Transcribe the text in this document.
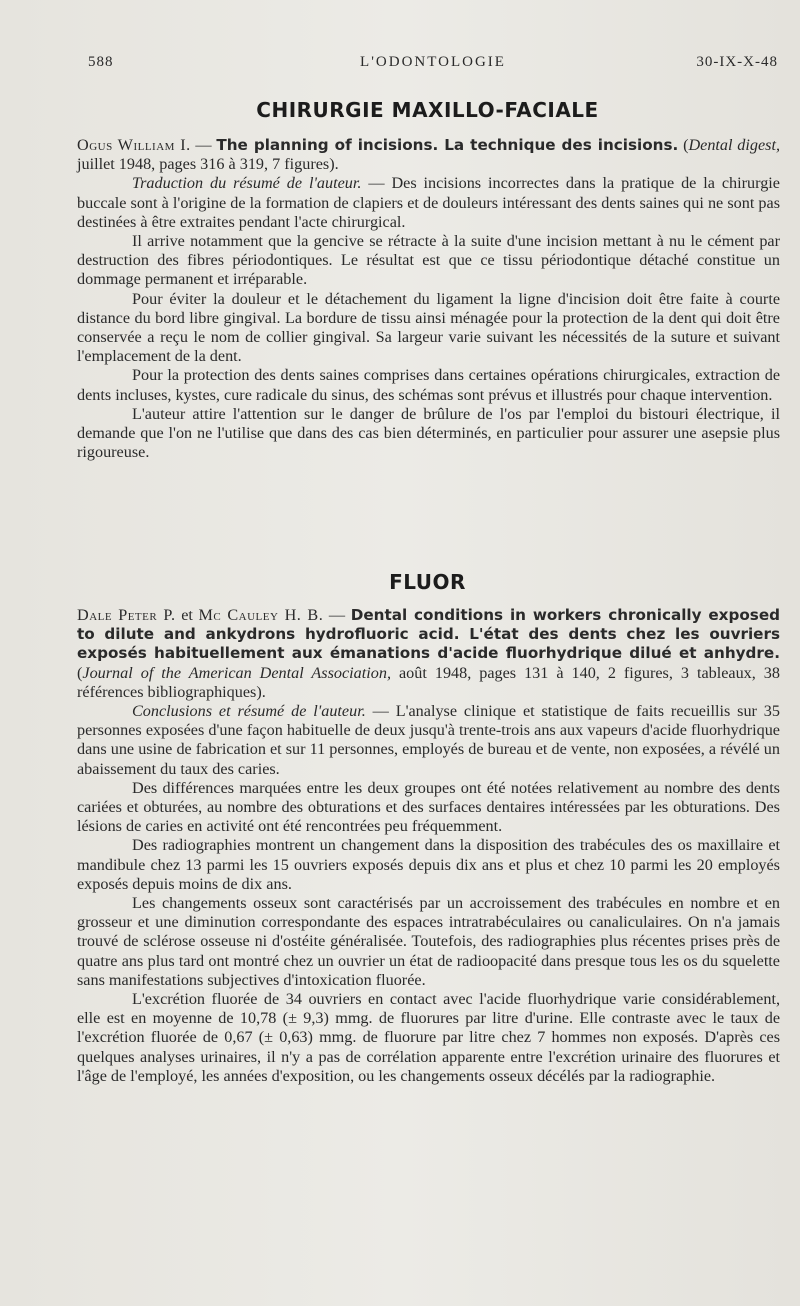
588	L'ODONTOLOGIE	30-IX-X-48
CHIRURGIE MAXILLO-FACIALE

Ogus William I. — The planning of incisions. La technique des incisions. (Dental digest, juillet 1948, pages 316 à 319, 7 figures).

Traduction du résumé de l'auteur. — Des incisions incorrectes dans la pratique de la chirurgie buccale sont à l'origine de la formation de clapiers et de douleurs intéressant des dents saines qui ne sont pas destinées à être extraites pendant l'acte chirurgical.

Il arrive notamment que la gencive se rétracte à la suite d'une incision mettant à nu le cément par destruction des fibres périodontiques. Le résultat est que ce tissu périodontique détaché constitue un dommage permanent et irréparable.

Pour éviter la douleur et le détachement du ligament la ligne d'incision doit être faite à courte distance du bord libre gingival. La bordure de tissu ainsi ménagée pour la protection de la dent qui doit être conservée a reçu le nom de collier gingival. Sa largeur varie suivant les nécessités de la suture et suivant l'emplacement de la dent.

Pour la protection des dents saines comprises dans certaines opérations chirurgicales, extraction de dents incluses, kystes, cure radicale du sinus, des schémas sont prévus et illustrés pour chaque intervention.

L'auteur attire l'attention sur le danger de brûlure de l'os par l'emploi du bistouri électrique, il demande que l'on ne l'utilise que dans des cas bien déterminés, en particulier pour assurer une asepsie plus rigoureuse.

FLUOR

Dale Peter P. et Mc Cauley H. B. — Dental conditions in workers chronically exposed to dilute and ankydrons hydrofluoric acid. L'état des dents chez les ouvriers exposés habituellement aux émanations d'acide fluorhydrique dilué et anhydre. (Journal of the American Dental Association, août 1948, pages 131 à 140, 2 figures, 3 tableaux, 38 références bibliographiques).

Conclusions et résumé de l'auteur. — L'analyse clinique et statistique de faits recueillis sur 35 personnes exposées d'une façon habituelle de deux jusqu'à trente-trois ans aux vapeurs d'acide fluorhydrique dans une usine de fabrication et sur 11 personnes, employés de bureau et de vente, non exposées, a révélé un abaissement du taux des caries.

Des différences marquées entre les deux groupes ont été notées relativement au nombre des dents cariées et obturées, au nombre des obturations et des surfaces dentaires intéressées par les obturations. Des lésions de caries en activité ont été rencontrées peu fréquemment.

Des radiographies montrent un changement dans la disposition des trabécules des os maxillaire et mandibule chez 13 parmi les 15 ouvriers exposés depuis dix ans et plus et chez 10 parmi les 20 employés exposés depuis moins de dix ans.

Les changements osseux sont caractérisés par un accroissement des trabécules en nombre et en grosseur et une diminution correspondante des espaces intratrabéculaires ou canaliculaires. On n'a jamais trouvé de sclérose osseuse ni d'ostéite généralisée. Toutefois, des radiographies plus récentes prises près de quatre ans plus tard ont montré chez un ouvrier un état de radioopacité dans presque tous les os du squelette sans manifestations subjectives d'intoxication fluorée.

L'excrétion fluorée de 34 ouvriers en contact avec l'acide fluorhydrique varie considérablement, elle est en moyenne de 10,78 (± 9,3) mmg. de fluorures par litre d'urine. Elle contraste avec le taux de l'excrétion fluorée de 0,67 (± 0,63) mmg. de fluorure par litre chez 7 hommes non exposés. D'après ces quelques analyses urinaires, il n'y a pas de corrélation apparente entre l'excrétion urinaire des fluorures et l'âge de l'employé, les années d'exposition, ou les changements osseux décélés par la radiographie.
